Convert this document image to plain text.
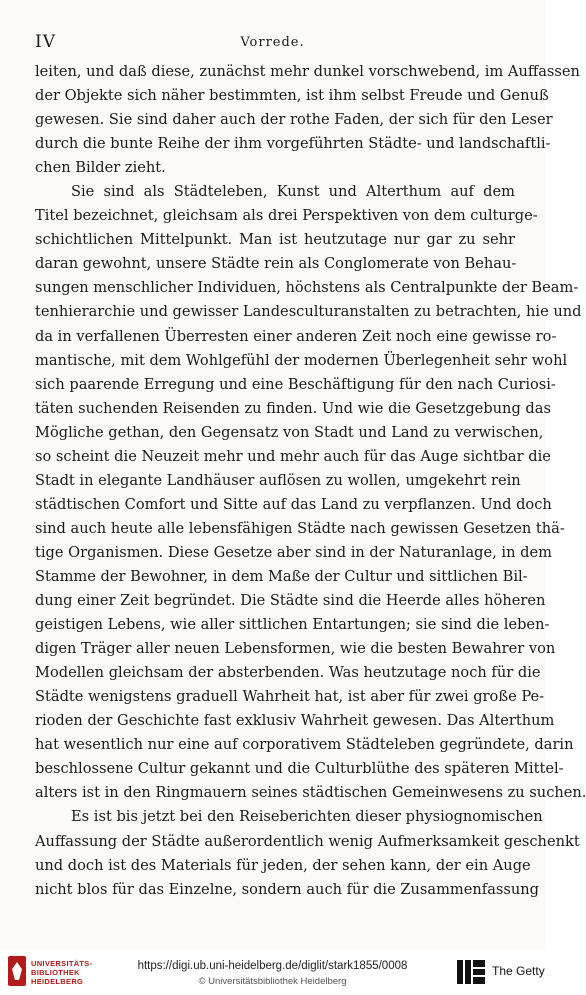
IV	Vorrede.
leiten, und daß diese, zunächst mehr dunkel vorschwebend, im Auffassen
der Objekte sich näher bestimmten, ist ihm selbst Freude und Genuß
gewesen. Sie sind daher auch der rothe Faden, der sich für den Leser
durch die bunte Reihe der ihm vorgeführten Städte- und landschaftli-
chen Bilder zieht.
Sie sind als Städteleben, Kunst und Alterthum auf dem
Titel bezeichnet, gleichsam als drei Perspektiven von dem culturge-
schichtlichen Mittelpunkt. Man ist heutzutage nur gar zu sehr
daran gewohnt, unsere Städte rein als Conglomerate von Behau-
sungen menschlicher Individuen, höchstens als Centralpunkte der Beam-
tenhierarchie und gewisser Landesculturanstalten zu betrachten, hie und
da in verfallenen Überresten einer anderen Zeit noch eine gewisse ro-
mantische, mit dem Wohlgefühl der modernen Überlegenheit sehr wohl
sich paarende Erregung und eine Beschäftigung für den nach Curiosi-
täten suchenden Reisenden zu finden. Und wie die Gesetzgebung das
Mögliche gethan, den Gegensatz von Stadt und Land zu verwischen,
so scheint die Neuzeit mehr und mehr auch für das Auge sichtbar die
Stadt in elegante Landhäuser auflösen zu wollen, umgekehrt rein
städtischen Comfort und Sitte auf das Land zu verpflanzen. Und doch
sind auch heute alle lebensfähigen Städte nach gewissen Gesetzen thä-
tige Organismen. Diese Gesetze aber sind in der Naturanlage, in dem
Stamme der Bewohner, in dem Maße der Cultur und sittlichen Bil-
dung einer Zeit begründet. Die Städte sind die Heerde alles höheren
geistigen Lebens, wie aller sittlichen Entartungen; sie sind die leben-
digen Träger aller neuen Lebensformen, wie die besten Bewahrer von
Modellen gleichsam der absterbenden. Was heutzutage noch für die
Städte wenigstens graduell Wahrheit hat, ist aber für zwei große Pe-
rioden der Geschichte fast exklusiv Wahrheit gewesen. Das Alterthum
hat wesentlich nur eine auf corporativem Städteleben gegründete, darin
beschlossene Cultur gekannt und die Culturblüthe des späteren Mittel-
alters ist in den Ringmauern seines städtischen Gemeinwesens zu suchen.
Es ist bis jetzt bei den Reiseberichten dieser physiognomischen
Auffassung der Städte außerordentlich wenig Aufmerksamkeit geschenkt
und doch ist des Materials für jeden, der sehen kann, der ein Auge
nicht blos für das Einzelne, sondern auch für die Zusammenfassung
UNIVERSITÄTS-
BIBLIOTHEK
HEIDELBERG
https://digi.ub.uni-heidelberg.de/diglit/stark1855/0008
© Universitätsbibliothek Heidelberg
The Getty
